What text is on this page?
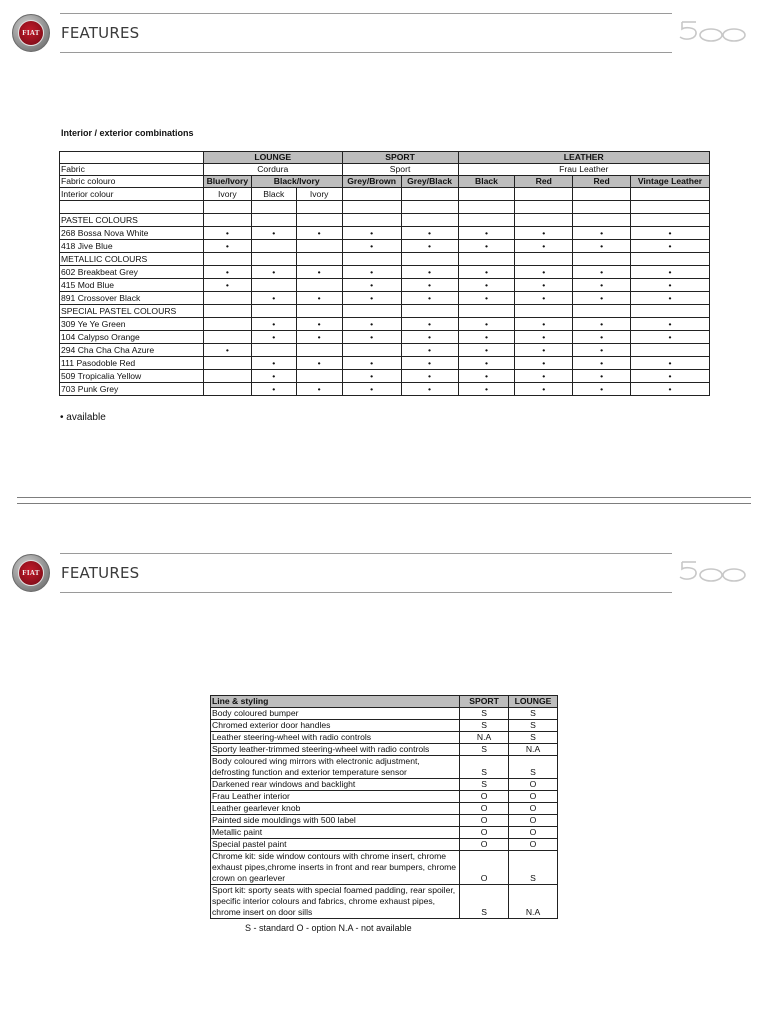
FIAT FEATURES
Interior / exterior combinations
	LOUNGE			SPORT		LEATHER			
Fabric	Cordura			Sport		Frau Leather			
Fabric colouro	Blue/Ivory	Black/Ivory		Grey/Brown	Grey/Black	Black	Red	Red	Vintage Leather
Interior colour	Ivory	Black	Ivory						

PASTEL COLOURS									
268 Bossa Nova White	•	•	•	•	•	•	•	•	•
418 Jive Blue	•			•	•	•	•	•	•
METALLIC COLOURS									
602 Breakbeat Grey	•	•	•	•	•	•	•	•	•
415 Mod Blue	•			•	•	•	•	•	•
891 Crossover Black		•	•	•	•	•	•	•	•
SPECIAL PASTEL COLOURS									
309 Ye Ye Green		•	•	•	•	•	•	•	•
104 Calypso Orange		•	•	•	•	•	•	•	•
294 Cha Cha Cha Azure	•				•	•	•	•	
111 Pasodoble Red		•	•	•	•	•	•	•	•
509 Tropicalia Yellow		•		•	•	•	•	•	•
703 Punk Grey		•	•	•	•	•	•	•	•
• available
FIAT FEATURES
Line & styling	SPORT	LOUNGE
Body coloured bumper	S	S
Chromed exterior door handles	S	S
Leather steering-wheel with radio controls	N.A	S
Sporty leather-trimmed steering-wheel with radio controls	S	N.A
Body coloured wing mirrors with electronic adjustment, defrosting function and exterior temperature sensor	S	S
Darkened rear windows and backlight	S	O
Frau Leather interior	O	O
Leather gearlever knob	O	O
Painted side mouldings with 500 label	O	O
Metallic paint	O	O
Special pastel paint	O	O
Chrome kit: side window contours with chrome insert, chrome exhaust pipes,chrome inserts in front and rear bumpers, chrome crown on gearlever	O	S
Sport kit: sporty seats with special foamed padding, rear spoiler, specific interior colours and fabrics, chrome exhaust pipes, chrome insert on door sills	S	N.A
S - standard O - option N.A - not available
